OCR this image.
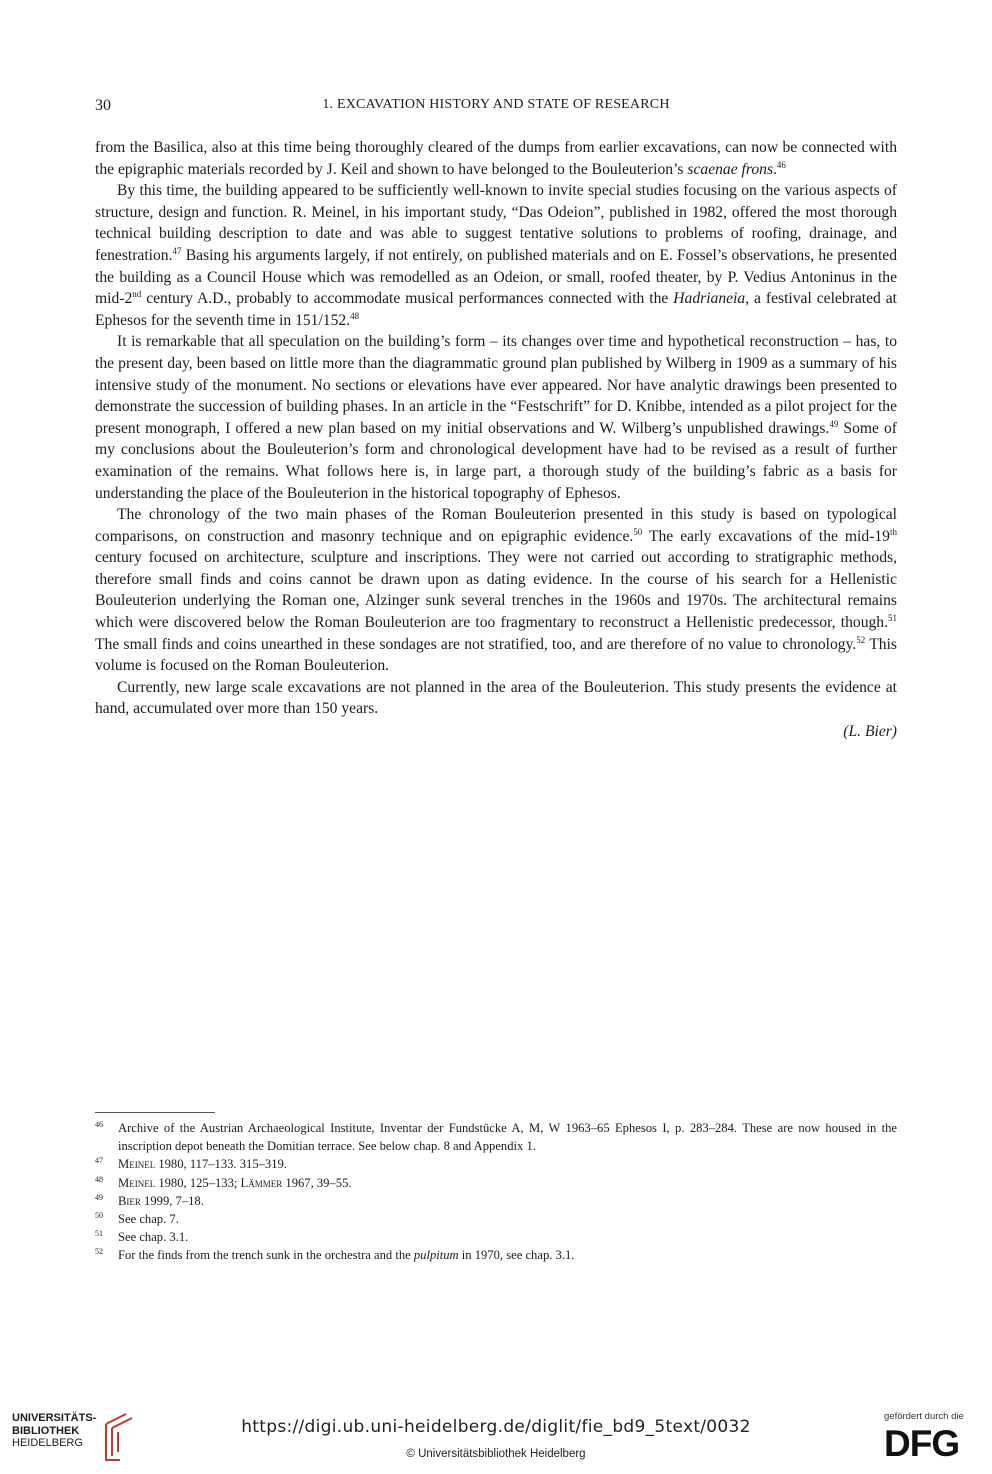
30	1. EXCAVATION HISTORY AND STATE OF RESEARCH

from the Basilica, also at this time being thoroughly cleared of the dumps from earlier excavations, can now be connected with the epigraphic materials recorded by J. Keil and shown to have belonged to the Bouleuterion’s scaenae frons.$^{46}$

By this time, the building appeared to be sufficiently well-known to invite special studies focusing on the various aspects of structure, design and function. R. Meinel, in his important study, “Das Odeion”, published in 1982, offered the most thorough technical building description to date and was able to suggest tentative solutions to problems of roofing, drainage, and fenestration.$^{47}$ Basing his arguments largely, if not entirely, on published materials and on E. Fossel’s observations, he presented the building as a Council House which was remodelled as an Odeion, or small, roofed theater, by P. Vedius Antoninus in the mid-2nd century A.D., probably to accommodate musical performances connected with the Hadrianeia, a festival celebrated at Ephesos for the seventh time in 151/152.48

It is remarkable that all speculation on the building’s form – its changes over time and hypothetical reconstruction – has, to the present day, been based on little more than the diagrammatic ground plan published by Wilberg in 1909 as a summary of his intensive study of the monument. No sections or elevations have ever appeared. Nor have analytic drawings been presented to demonstrate the succession of building phases. In an article in the “Festschrift” for D. Knibbe, intended as a pilot project for the present monograph, I offered a new plan based on my initial observations and W. Wilberg’s unpublished drawings.$^{49}$ Some of my conclusions about the Bouleuterion’s form and chronological development have had to be revised as a result of further examination of the remains. What follows here is, in large part, a thorough study of the building’s fabric as a basis for understanding the place of the Bouleuterion in the historical topography of Ephesos.

The chronology of the two main phases of the Roman Bouleuterion presented in this study is based on typological comparisons, on construction and masonry technique and on epigraphic evidence.$^{50}$ The early excavations of the mid-19th century focused on architecture, sculpture and inscriptions. They were not carried out according to stratigraphic methods, therefore small finds and coins cannot be drawn upon as dating evidence. In the course of his search for a Hellenistic Bouleuterion underlying the Roman one, Alzinger sunk several trenches in the 1960s and 1970s. The architectural remains which were discovered below the Roman Bouleuterion are too fragmentary to reconstruct a Hellenistic predecessor, though.$^{51}$ The small finds and coins unearthed in these sondages are not stratified, too, and are therefore of no value to chronology.$^{52}$ This volume is focused on the Roman Bouleuterion.

Currently, new large scale excavations are not planned in the area of the Bouleuterion. This study presents the evidence at hand, accumulated over more than 150 years.

(L. Bier)
46 Archive of the Austrian Archaeological Institute, Inventar der Fundstücke A, M, W 1963–65 Ephesos I, p. 283–284. These are now housed in the inscription depot beneath the Domitian terrace. See below chap. 8 and Appendix 1.
47 Meinel 1980, 117–133. 315–319.
48 Meinel 1980, 125–133; Lämmer 1967, 39–55.
49 Bier 1999, 7–18.
50 See chap. 7.
51 See chap. 3.1.
52 For the finds from the trench sunk in the orchestra and the pulpitum in 1970, see chap. 3.1.
UNIVERSITÄTS-
BIBLIOTHEK
HEIDELBERG
https://digi.ub.uni-heidelberg.de/diglit/fie_bd9_5text/0032
© Universitätsbibliothek Heidelberg
gefördert durch die
DFG
